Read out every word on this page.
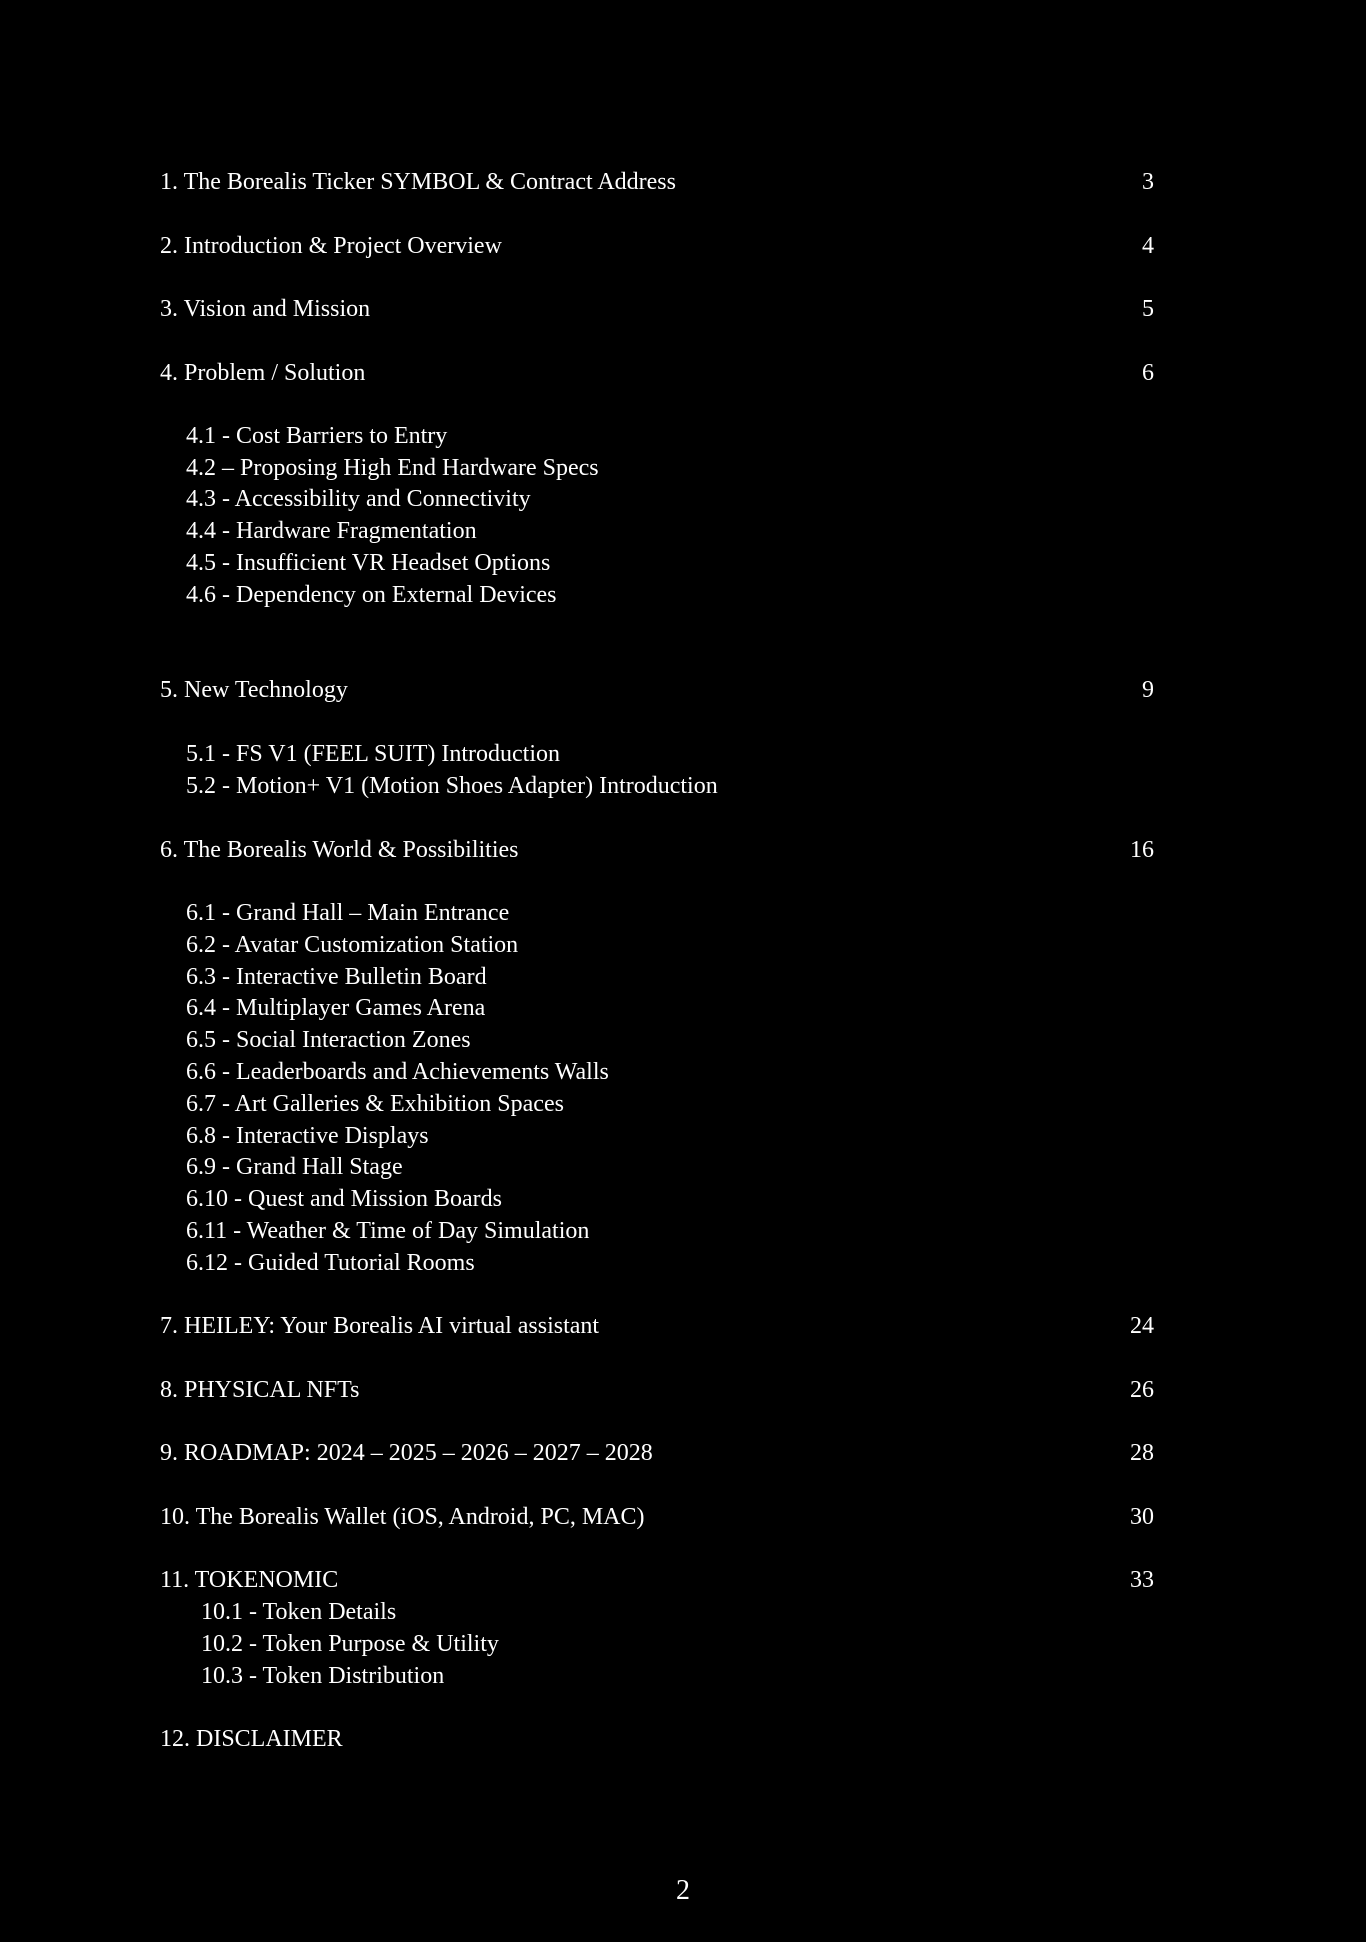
1. The Borealis Ticker SYMBOL & Contract Address	3
2. Introduction & Project Overview	4
3. Vision and Mission	5
4. Problem / Solution	6
4.1 - Cost Barriers to Entry
4.2 – Proposing High End Hardware Specs
4.3 - Accessibility and Connectivity
4.4 - Hardware Fragmentation
4.5 - Insufficient VR Headset Options
4.6 - Dependency on External Devices
5. New Technology	9
5.1 - FS V1 (FEEL SUIT) Introduction
5.2 - Motion+ V1 (Motion Shoes Adapter) Introduction
6. The Borealis World & Possibilities	16
6.1 - Grand Hall – Main Entrance
6.2 - Avatar Customization Station
6.3 - Interactive Bulletin Board
6.4 - Multiplayer Games Arena
6.5 - Social Interaction Zones
6.6 - Leaderboards and Achievements Walls
6.7 - Art Galleries & Exhibition Spaces
6.8 - Interactive Displays
6.9 - Grand Hall Stage
6.10 - Quest and Mission Boards
6.11 - Weather & Time of Day Simulation
6.12 - Guided Tutorial Rooms
7. HEILEY: Your Borealis AI virtual assistant	24
8. PHYSICAL NFTs	26
9. ROADMAP: 2024 – 2025 – 2026 – 2027 – 2028	28
10. The Borealis Wallet (iOS, Android, PC, MAC)	30
11. TOKENOMIC	33
10.1 - Token Details
10.2 - Token Purpose & Utility
10.3 - Token Distribution
12. DISCLAIMER
2
